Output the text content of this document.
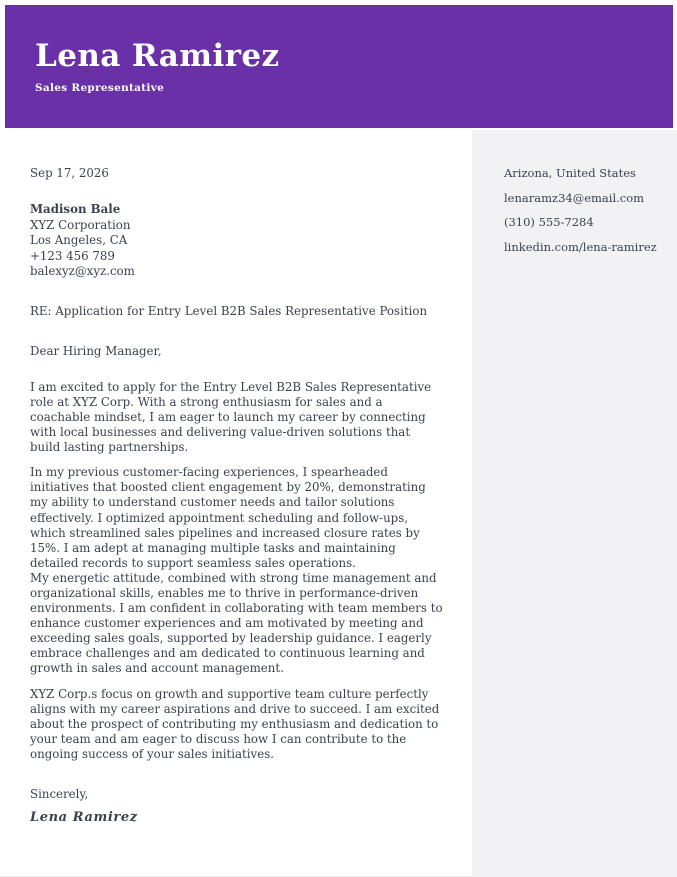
Lena Ramirez
Sales Representative
Arizona, United States
lenaramz34@email.com
(310) 555-7284
linkedin.com/lena-ramirez
Sep 17, 2026
Madison Bale
XYZ Corporation
Los Angeles, CA
+123 456 789
balexyz@xyz.com
RE: Application for Entry Level B2B Sales Representative Position
Dear Hiring Manager,

I am excited to apply for the Entry Level B2B Sales Representative role at XYZ Corp. With a strong enthusiasm for sales and a coachable mindset, I am eager to launch my career by connecting with local businesses and delivering value-driven solutions that build lasting partnerships.

In my previous customer-facing experiences, I spearheaded initiatives that boosted client engagement by 20%, demonstrating my ability to understand customer needs and tailor solutions effectively. I optimized appointment scheduling and follow-ups, which streamlined sales pipelines and increased closure rates by 15%. I am adept at managing multiple tasks and maintaining detailed records to support seamless sales operations.

My energetic attitude, combined with strong time management and organizational skills, enables me to thrive in performance-driven environments. I am confident in collaborating with team members to enhance customer experiences and am motivated by meeting and exceeding sales goals, supported by leadership guidance. I eagerly embrace challenges and am dedicated to continuous learning and growth in sales and account management.

XYZ Corp.s focus on growth and supportive team culture perfectly aligns with my career aspirations and drive to succeed. I am excited about the prospect of contributing my enthusiasm and dedication to your team and am eager to discuss how I can contribute to the ongoing success of your sales initiatives.

Sincerely,
Lena Ramirez
